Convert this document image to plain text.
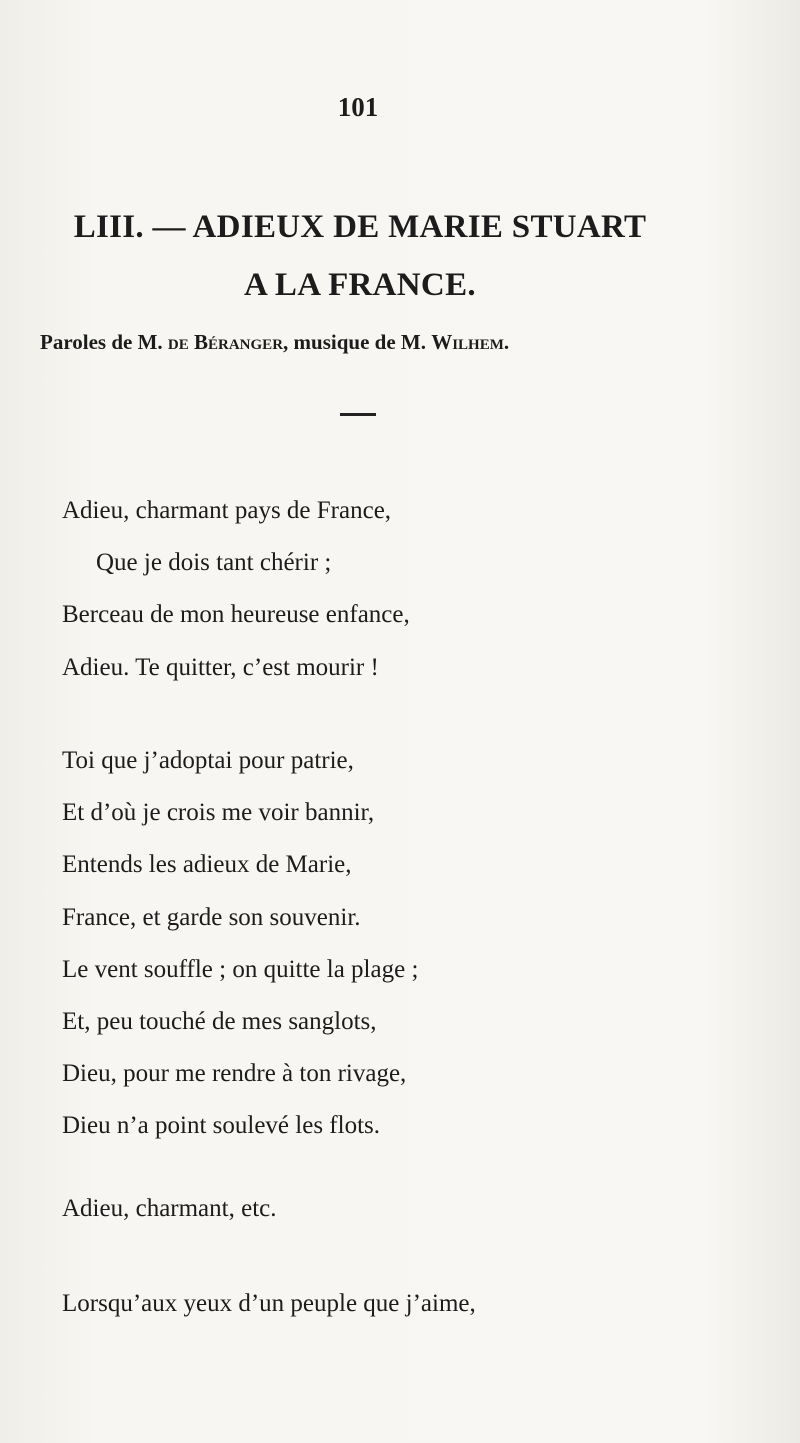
101
LIII. — ADIEUX DE MARIE STUART
A LA FRANCE.
Paroles de M. de Béranger, musique de M. Wilhem.
Adieu, charmant pays de France,
Que je dois tant chérir ;
Berceau de mon heureuse enfance,
Adieu. Te quitter, c’est mourir !
Toi que j’adoptai pour patrie,
Et d’où je crois me voir bannir,
Entends les adieux de Marie,
France, et garde son souvenir.
Le vent souffle ; on quitte la plage ;
Et, peu touché de mes sanglots,
Dieu, pour me rendre à ton rivage,
Dieu n’a point soulevé les flots.
Adieu, charmant, etc.
Lorsqu’aux yeux d’un peuple que j’aime,
